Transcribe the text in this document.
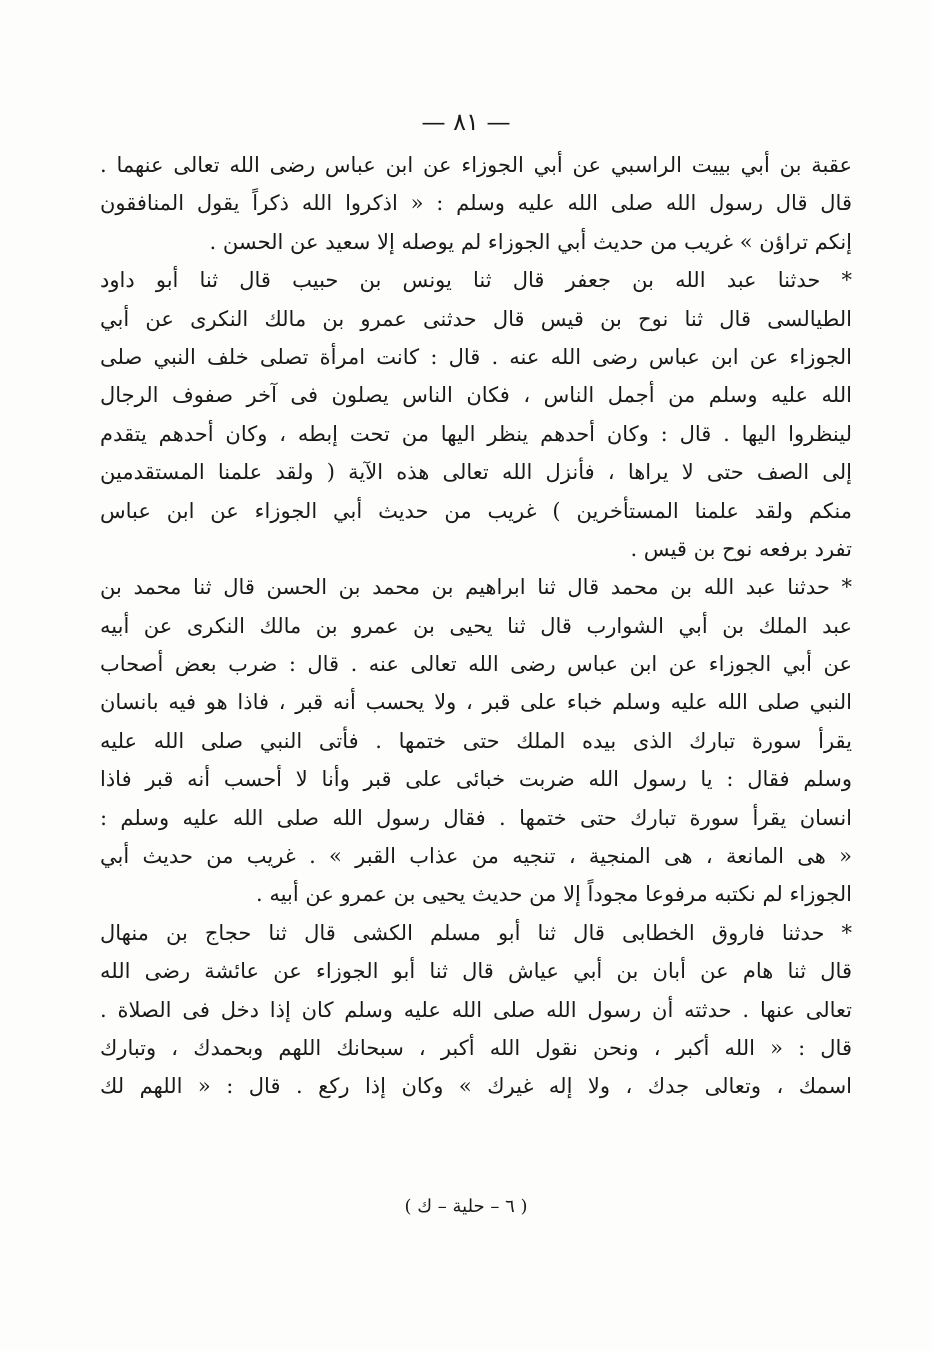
— ٨١ —
عقبة بن أبي بييت الراسبي عن أبي الجوزاء عن ابن عباس رضى الله تعالى عنهما .
قال قال رسول الله صلى الله عليه وسلم : « اذكروا الله ذكراً يقول المنافقون
إنكم تراؤن » غريب من حديث أبي الجوزاء لم يوصله إلا سعيد عن الحسن .
* حدثنا عبد الله بن جعفر قال ثنا يونس بن حبيب قال ثنا أبو داود
الطيالسى قال ثنا نوح بن قيس قال حدثنى عمرو بن مالك النكرى عن أبي
الجوزاء عن ابن عباس رضى الله عنه . قال : كانت امرأة تصلى خلف النبي صلى
الله عليه وسلم من أجمل الناس ، فكان الناس يصلون فى آخر صفوف الرجال
لينظروا اليها . قال : وكان أحدهم ينظر اليها من تحت إبطه ، وكان أحدهم يتقدم
إلى الصف حتى لا يراها ، فأنزل الله تعالى هذه الآية ( ولقد علمنا المستقدمين
منكم ولقد علمنا المستأخرين ) غريب من حديث أبي الجوزاء عن ابن عباس
تفرد برفعه نوح بن قيس .
* حدثنا عبد الله بن محمد قال ثنا ابراهيم بن محمد بن الحسن قال ثنا محمد بن
عبد الملك بن أبي الشوارب قال ثنا يحيى بن عمرو بن مالك النكرى عن أبيه
عن أبي الجوزاء عن ابن عباس رضى الله تعالى عنه . قال : ضرب بعض أصحاب
النبي صلى الله عليه وسلم خباء على قبر ، ولا يحسب أنه قبر ، فاذا هو فيه بانسان
يقرأ سورة تبارك الذى بيده الملك حتى ختمها . فأتى النبي صلى الله عليه
وسلم فقال : يا رسول الله ضربت خبائى على قبر وأنا لا أحسب أنه قبر فاذا
انسان يقرأ سورة تبارك حتى ختمها . فقال رسول الله صلى الله عليه وسلم :
« هى المانعة ، هى المنجية ، تنجيه من عذاب القبر » . غريب من حديث أبي
الجوزاء لم نكتبه مرفوعا مجوداً إلا من حديث يحيى بن عمرو عن أبيه .
* حدثنا فاروق الخطابى قال ثنا أبو مسلم الكشى قال ثنا حجاج بن منهال
قال ثنا هام عن أبان بن أبي عياش قال ثنا أبو الجوزاء عن عائشة رضى الله
تعالى عنها . حدثته أن رسول الله صلى الله عليه وسلم كان إذا دخل فى الصلاة .
قال : « الله أكبر ، ونحن نقول الله أكبر ، سبحانك اللهم وبحمدك ، وتبارك
اسمك ، وتعالى جدك ، ولا إله غيرك » وكان إذا ركع . قال : « اللهم لك
( ٦ – حلية – ك )
